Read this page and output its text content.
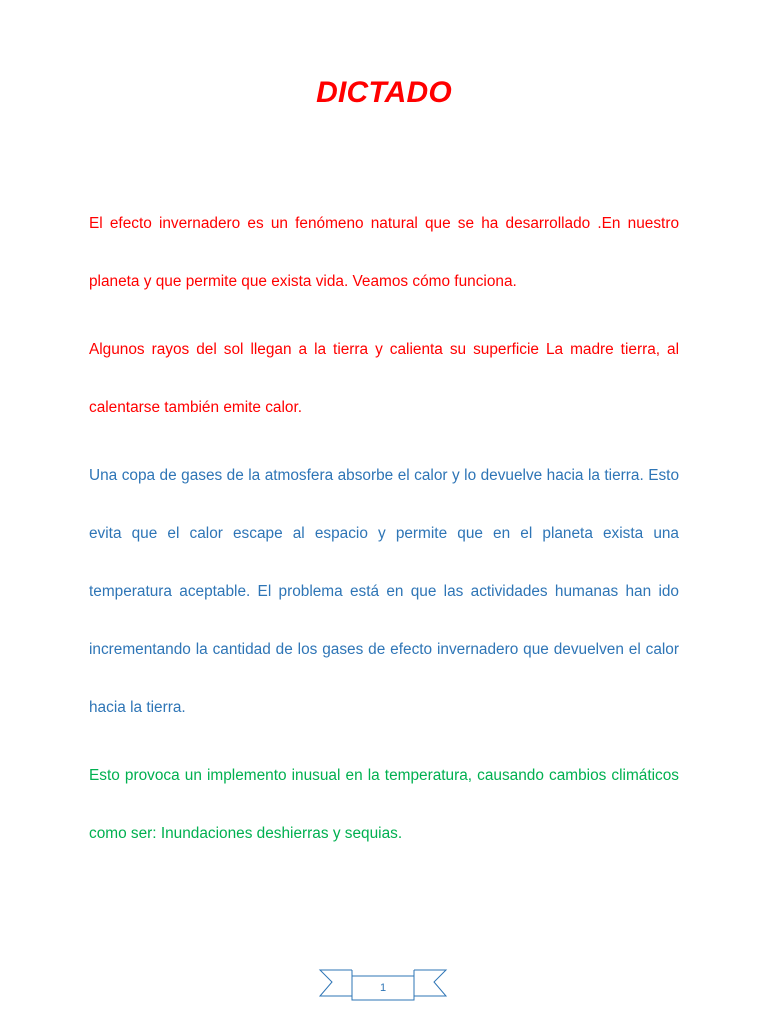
DICTADO

El efecto invernadero es un fenómeno natural que se ha desarrollado .En nuestro planeta y que permite que exista vida. Veamos cómo funciona.

Algunos rayos del sol llegan a la tierra y calienta su superficie La madre tierra, al calentarse también emite calor.

Una copa de gases de la atmosfera absorbe el calor y lo devuelve hacia la tierra. Esto evita que el calor escape al espacio y permite que en el planeta exista una temperatura aceptable. El problema está en que las actividades humanas han ido incrementando la cantidad de los gases de efecto invernadero que devuelven el calor hacia la tierra.

Esto provoca un implemento inusual en la temperatura, causando cambios climáticos como ser: Inundaciones deshierras y sequias.

1
